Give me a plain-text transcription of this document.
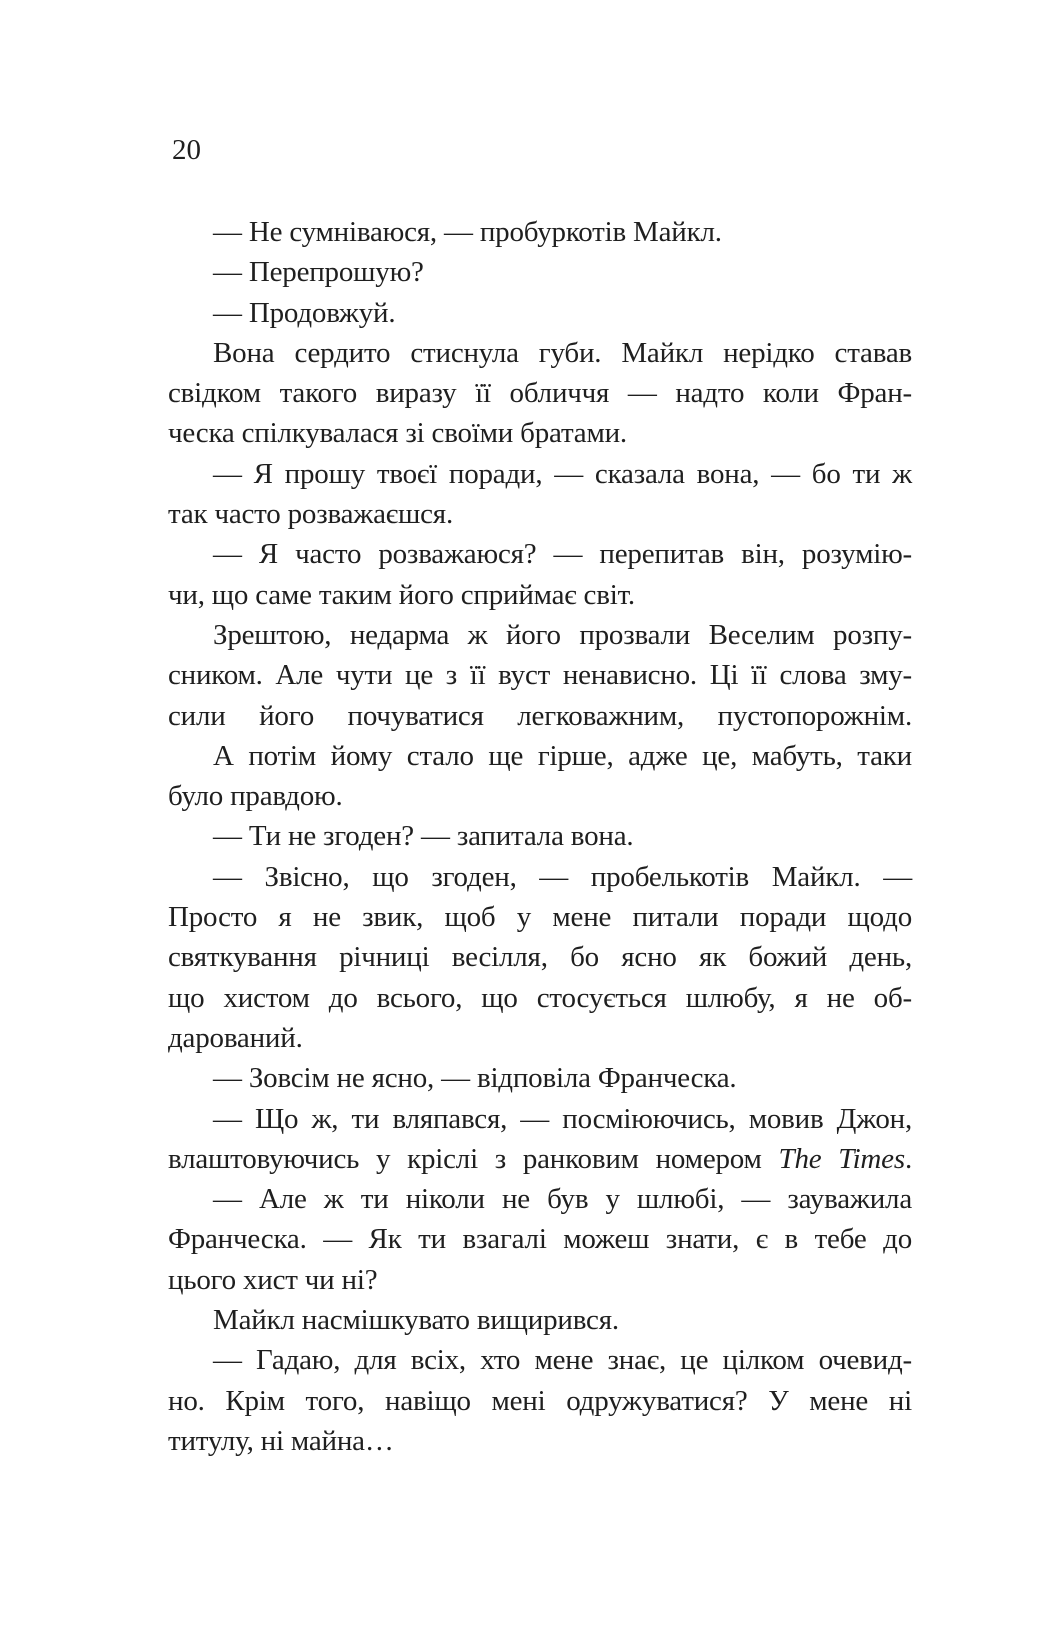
20
— Не сумніваюся, — пробуркотів Майкл.
— Перепрошую?
— Продовжуй.
Вона сердито стиснула губи. Майкл нерідко ставав
свідком такого виразу її обличчя — надто коли Фран-
ческа спілкувалася зі своїми братами.
— Я прошу твоєї поради, — сказала вона, — бо ти ж
так часто розважаєшся.
— Я часто розважаюся? — перепитав він, розумію-
чи, що саме таким його сприймає світ.
Зрештою, недарма ж його прозвали Веселим розпу-
сником. Але чути це з її вуст ненависно. Ці її слова зму-
сили його почуватися легковажним, пустопорожнім.
А потім йому стало ще гірше, адже це, мабуть, таки
було правдою.
— Ти не згоден? — запитала вона.
— Звісно, що згоден, — пробелькотів Майкл. —
Просто я не звик, щоб у мене питали поради щодо
святкування річниці весілля, бо ясно як божий день,
що хистом до всього, що стосується шлюбу, я не об-
дарований.
— Зовсім не ясно, — відповіла Франческа.
— Що ж, ти вляпався, — посміюючись, мовив Джон,
влаштовуючись у кріслі з ранковим номером The Times.
— Але ж ти ніколи не був у шлюбі, — зауважила
Франческа. — Як ти взагалі можеш знати, є в тебе до
цього хист чи ні?
Майкл насмішкувато вищирився.
— Гадаю, для всіх, хто мене знає, це цілком очевид-
но. Крім того, навіщо мені одружуватися? У мене ні
титулу, ні майна…
